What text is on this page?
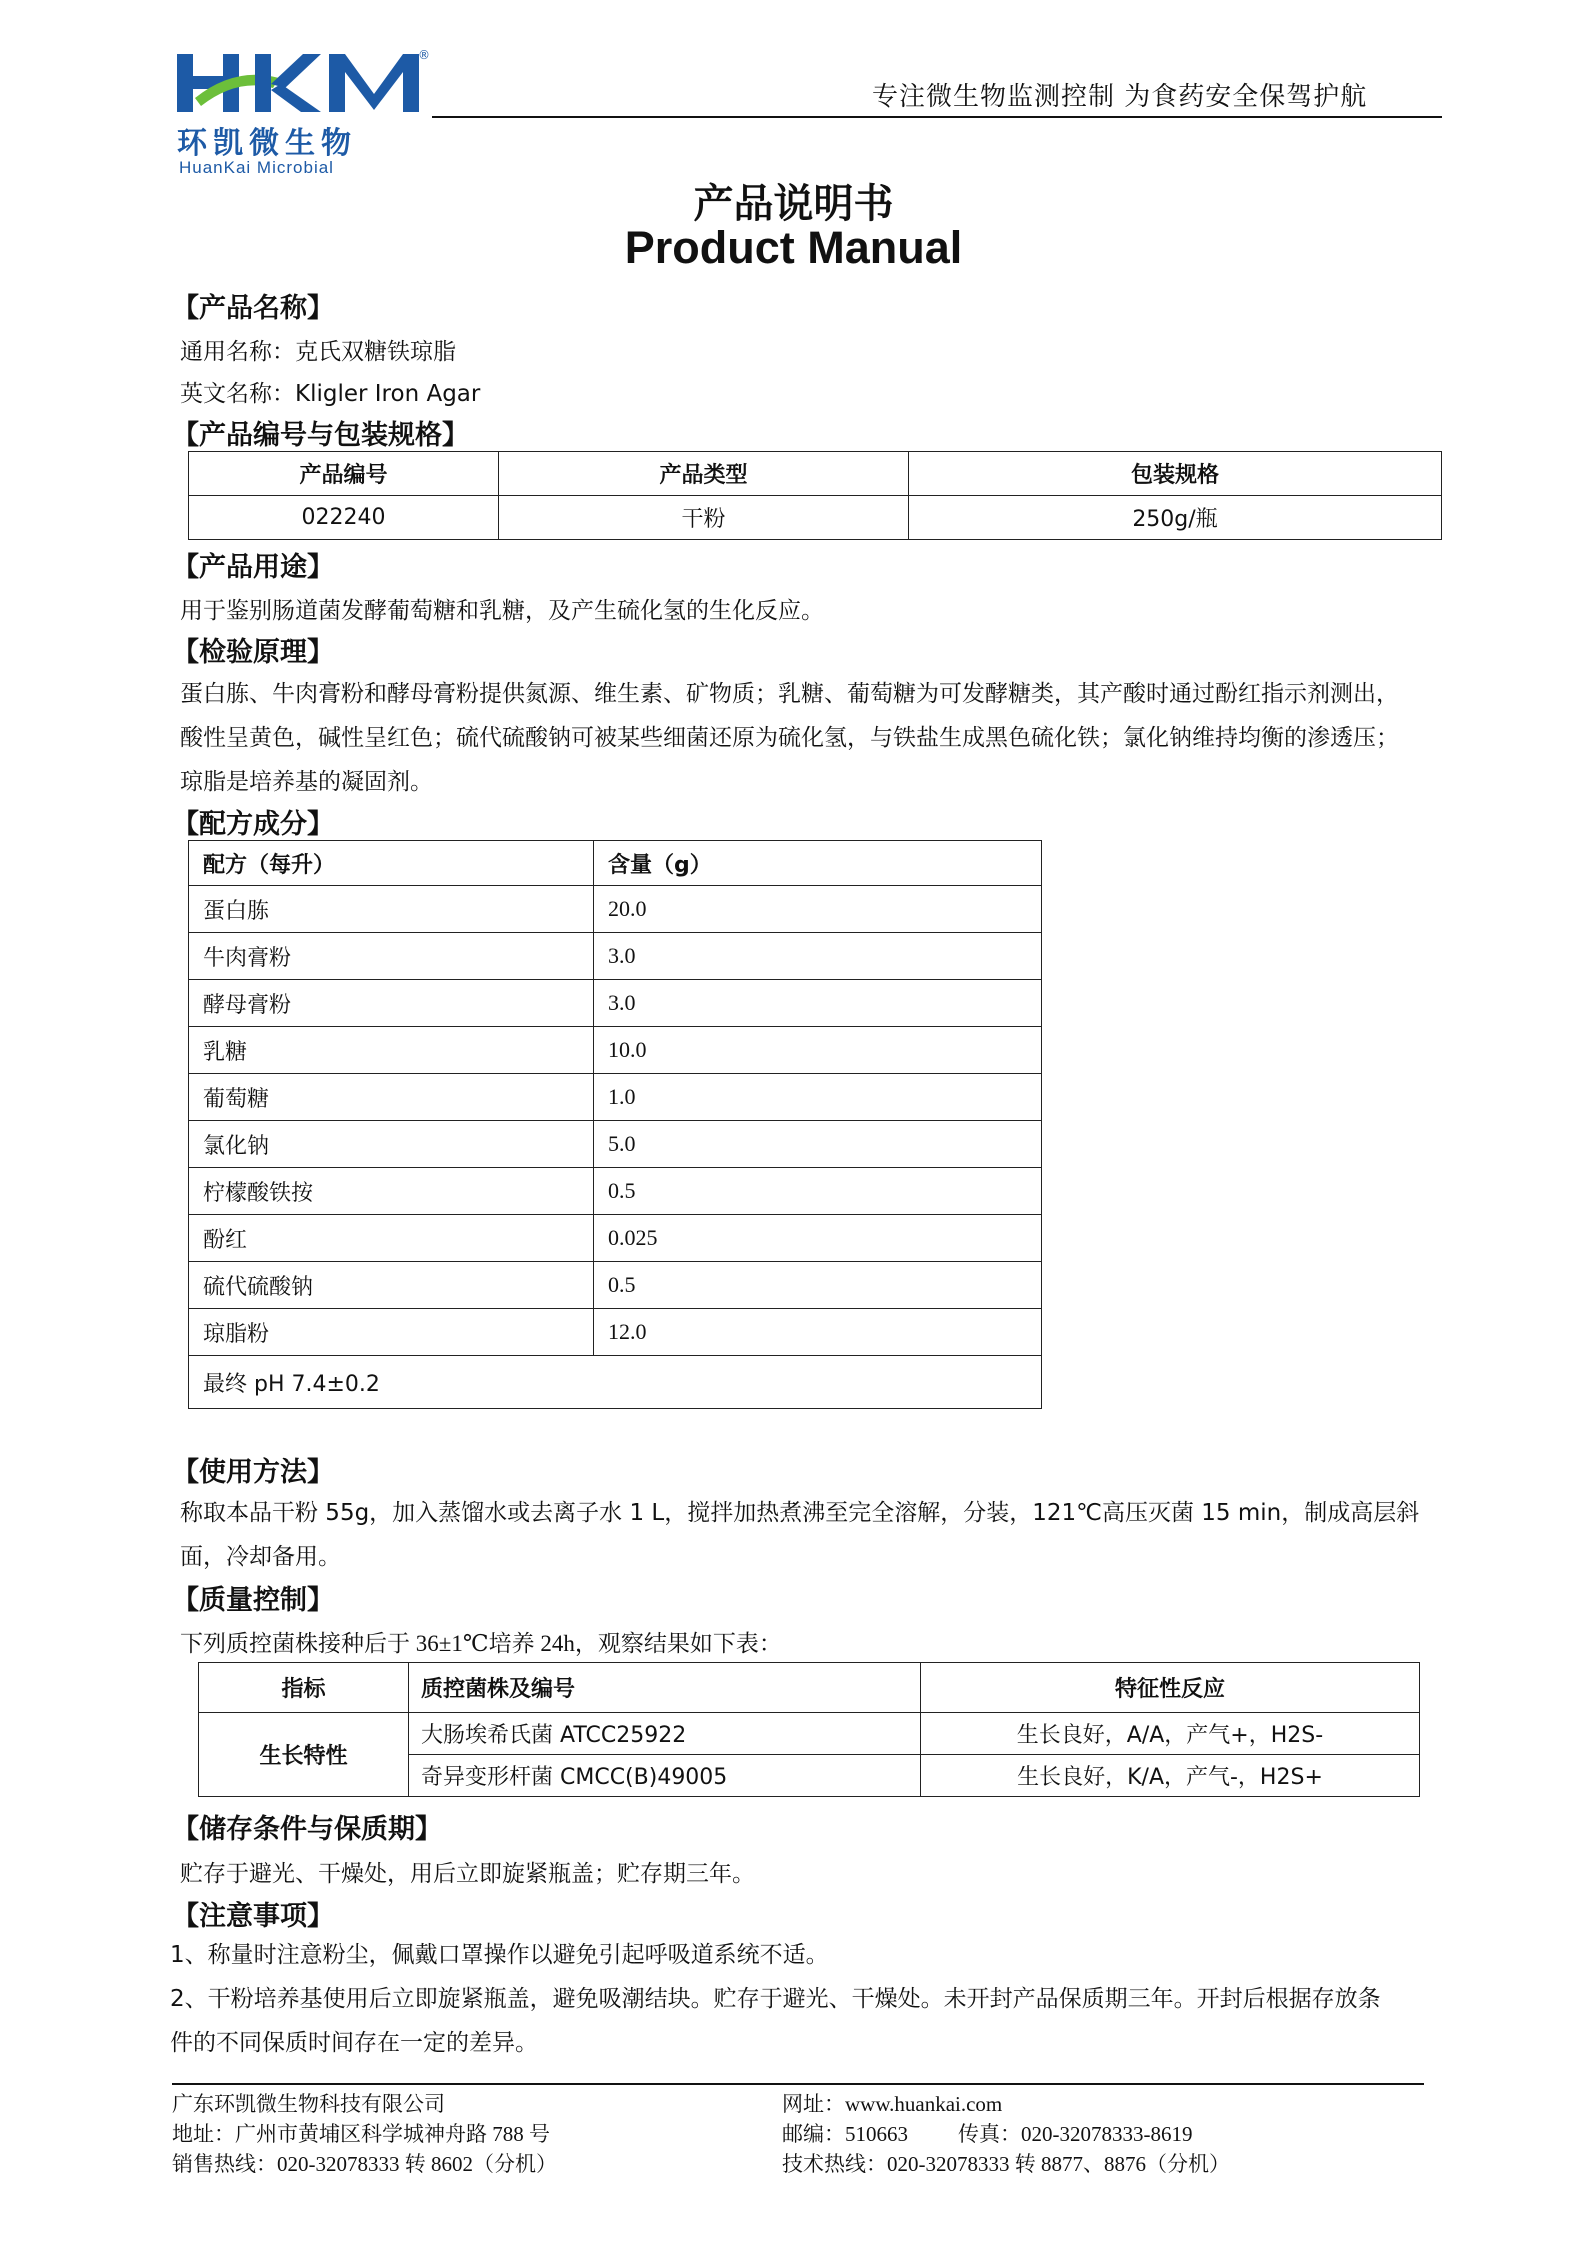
环凯微生物
HuanKai Microbial
®
专注微生物监测控制 为食药安全保驾护航
产品说明书
Product Manual
【产品名称】
通用名称：克氏双糖铁琼脂
英文名称：Kligler Iron Agar
【产品编号与包装规格】
产品编号	产品类型	包装规格
022240	干粉	250g/瓶
【产品用途】
用于鉴别肠道菌发酵葡萄糖和乳糖，及产生硫化氢的生化反应。
【检验原理】
蛋白胨、牛肉膏粉和酵母膏粉提供氮源、维生素、矿物质；乳糖、葡萄糖为可发酵糖类，其产酸时通过酚红指示剂测出，
酸性呈黄色，碱性呈红色；硫代硫酸钠可被某些细菌还原为硫化氢，与铁盐生成黑色硫化铁；氯化钠维持均衡的渗透压；
琼脂是培养基的凝固剂。
【配方成分】
配方（每升）	含量（g）
蛋白胨	20.0
牛肉膏粉	3.0
酵母膏粉	3.0
乳糖	10.0
葡萄糖	1.0
氯化钠	5.0
柠檬酸铁按	0.5
酚红	0.025
硫代硫酸钠	0.5
琼脂粉	12.0
最终 pH 7.4±0.2	
【使用方法】
称取本品干粉 55g，加入蒸馏水或去离子水 1 L，搅拌加热煮沸至完全溶解，分装，121℃高压灭菌 15 min，制成高层斜
面，冷却备用。
【质量控制】
下列质控菌株接种后于 36±1℃培养 24h，观察结果如下表：
指标	质控菌株及编号	特征性反应
生长特性	大肠埃希氏菌 ATCC25922	生长良好，A/A，产气+，H2S-
	奇异变形杆菌 CMCC(B)49005	生长良好，K/A，产气-，H2S+
【储存条件与保质期】
贮存于避光、干燥处，用后立即旋紧瓶盖；贮存期三年。
【注意事项】
1、称量时注意粉尘，佩戴口罩操作以避免引起呼吸道系统不适。
2、干粉培养基使用后立即旋紧瓶盖，避免吸潮结块。贮存于避光、干燥处。未开封产品保质期三年。开封后根据存放条
件的不同保质时间存在一定的差异。
广东环凯微生物科技有限公司
地址：广州市黄埔区科学城神舟路 788 号
销售热线：020-32078333 转 8602（分机）
网址：www.huankai.com
邮编：510663 传真：020-32078333-8619
技术热线：020-32078333 转 8877、8876（分机）
